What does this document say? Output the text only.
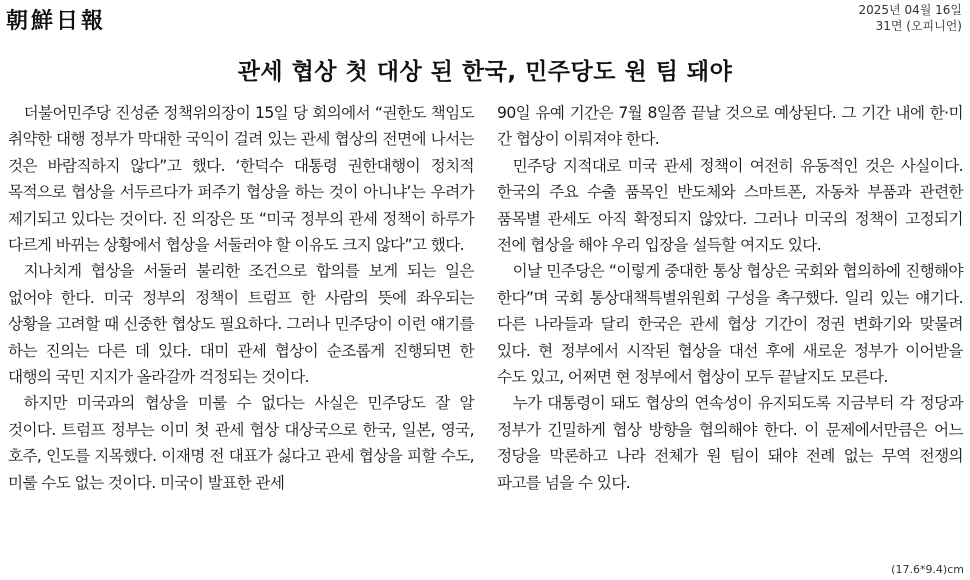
朝鮮日報	2025년 04월 16일
31면 (오피니언)
관세 협상 첫 대상 된 한국, 민주당도 원 팀 돼야

더불어민주당 진성준 정책위의장이 15일 당 회의에서 “권한도 책임도 취약한 대행 정부가 막대한 국익이 걸려 있는 관세 협상의 전면에 나서는 것은 바람직하지 않다”고 했다. ‘한덕수 대통령 권한대행이 정치적 목적으로 협상을 서두르다가 퍼주기 협상을 하는 것이 아니냐’는 우려가 제기되고 있다는 것이다. 진 의장은 또 “미국 정부의 관세 정책이 하루가 다르게 바뀌는 상황에서 협상을 서둘러야 할 이유도 크지 않다”고 했다.

지나치게 협상을 서둘러 불리한 조건으로 합의를 보게 되는 일은 없어야 한다. 미국 정부의 정책이 트럼프 한 사람의 뜻에 좌우되는 상황을 고려할 때 신중한 협상도 필요하다. 그러나 민주당이 이런 얘기를 하는 진의는 다른 데 있다. 대미 관세 협상이 순조롭게 진행되면 한 대행의 국민 지지가 올라갈까 걱정되는 것이다.

하지만 미국과의 협상을 미룰 수 없다는 사실은 민주당도 잘 알 것이다. 트럼프 정부는 이미 첫 관세 협상 대상국으로 한국, 일본, 영국, 호주, 인도를 지목했다. 이재명 전 대표가 싫다고 관세 협상을 피할 수도, 미룰 수도 없는 것이다. 미국이 발표한 관세

90일 유예 기간은 7월 8일쯤 끝날 것으로 예상된다. 그 기간 내에 한·미 간 협상이 이뤄져야 한다.

민주당 지적대로 미국 관세 정책이 여전히 유동적인 것은 사실이다. 한국의 주요 수출 품목인 반도체와 스마트폰, 자동차 부품과 관련한 품목별 관세도 아직 확정되지 않았다. 그러나 미국의 정책이 고정되기 전에 협상을 해야 우리 입장을 설득할 여지도 있다.

이날 민주당은 “이렇게 중대한 통상 협상은 국회와 협의하에 진행해야 한다”며 국회 통상대책특별위원회 구성을 촉구했다. 일리 있는 얘기다. 다른 나라들과 달리 한국은 관세 협상 기간이 정권 변화기와 맞물려 있다. 현 정부에서 시작된 협상을 대선 후에 새로운 정부가 이어받을 수도 있고, 어쩌면 현 정부에서 협상이 모두 끝날지도 모른다.

누가 대통령이 돼도 협상의 연속성이 유지되도록 지금부터 각 정당과 정부가 긴밀하게 협상 방향을 협의해야 한다. 이 문제에서만큼은 어느 정당을 막론하고 나라 전체가 원 팀이 돼야 전례 없는 무역 전쟁의 파고를 넘을 수 있다.

(17.6*9.4)cm
